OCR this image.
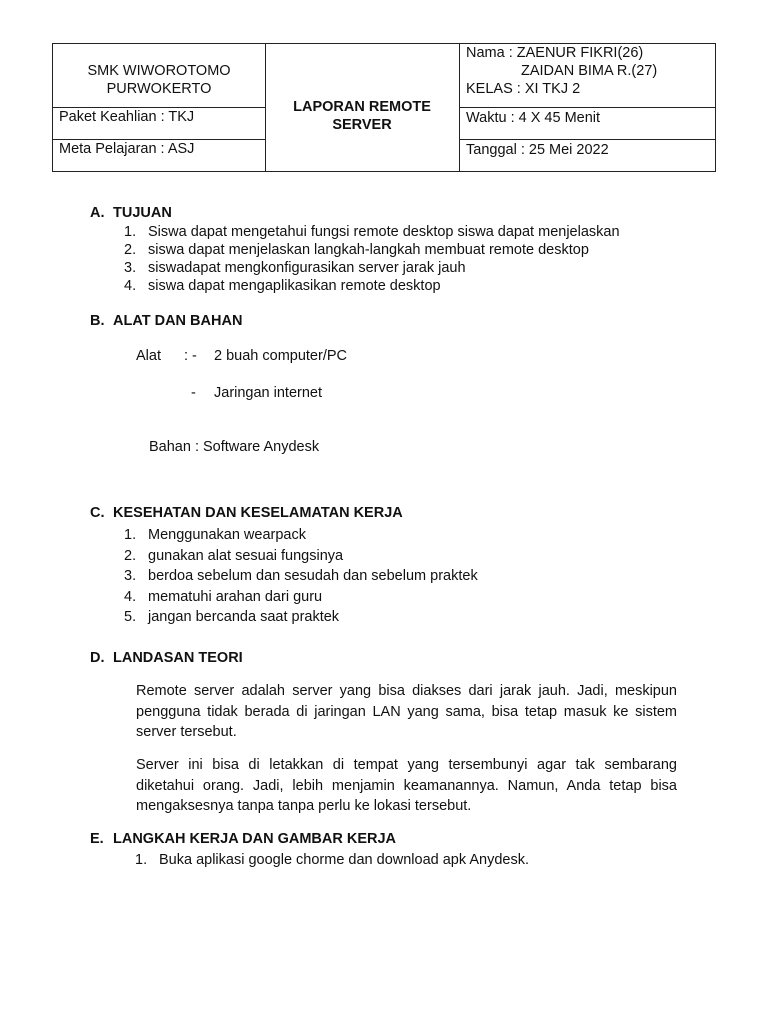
SMK WIWOROTOMO
PURWOKERTO
Paket Keahlian : TKJ
Meta Pelajaran : ASJ
LAPORAN REMOTE
SERVER
Nama : ZAENUR FIKRI(26)
ZAIDAN BIMA R.(27)
KELAS : XI TKJ 2
Waktu : 4 X 45 Menit
Tanggal : 25 Mei 2022
A. TUJUAN
1. Siswa dapat mengetahui fungsi remote desktop siswa dapat menjelaskan
2. siswa dapat menjelaskan langkah-langkah membuat remote desktop
3. siswadapat mengkonfigurasikan server jarak jauh
4. siswa dapat mengaplikasikan remote desktop
B. ALAT DAN BAHAN
Alat : - 2 buah computer/PC
- Jaringan internet
Bahan : Software Anydesk
C. KESEHATAN DAN KESELAMATAN KERJA
1. Menggunakan wearpack
2. gunakan alat sesuai fungsinya
3. berdoa sebelum dan sesudah dan sebelum praktek
4. mematuhi arahan dari guru
5. jangan bercanda saat praktek
D. LANDASAN TEORI
Remote server adalah server yang bisa diakses dari jarak jauh. Jadi, meskipun pengguna tidak berada di jaringan LAN yang sama, bisa tetap masuk ke sistem server tersebut.
Server ini bisa di letakkan di tempat yang tersembunyi agar tak sembarang diketahui orang. Jadi, lebih menjamin keamanannya. Namun, Anda tetap bisa mengaksesnya tanpa tanpa perlu ke lokasi tersebut.
E. LANGKAH KERJA DAN GAMBAR KERJA
1. Buka aplikasi google chorme dan download apk Anydesk.
